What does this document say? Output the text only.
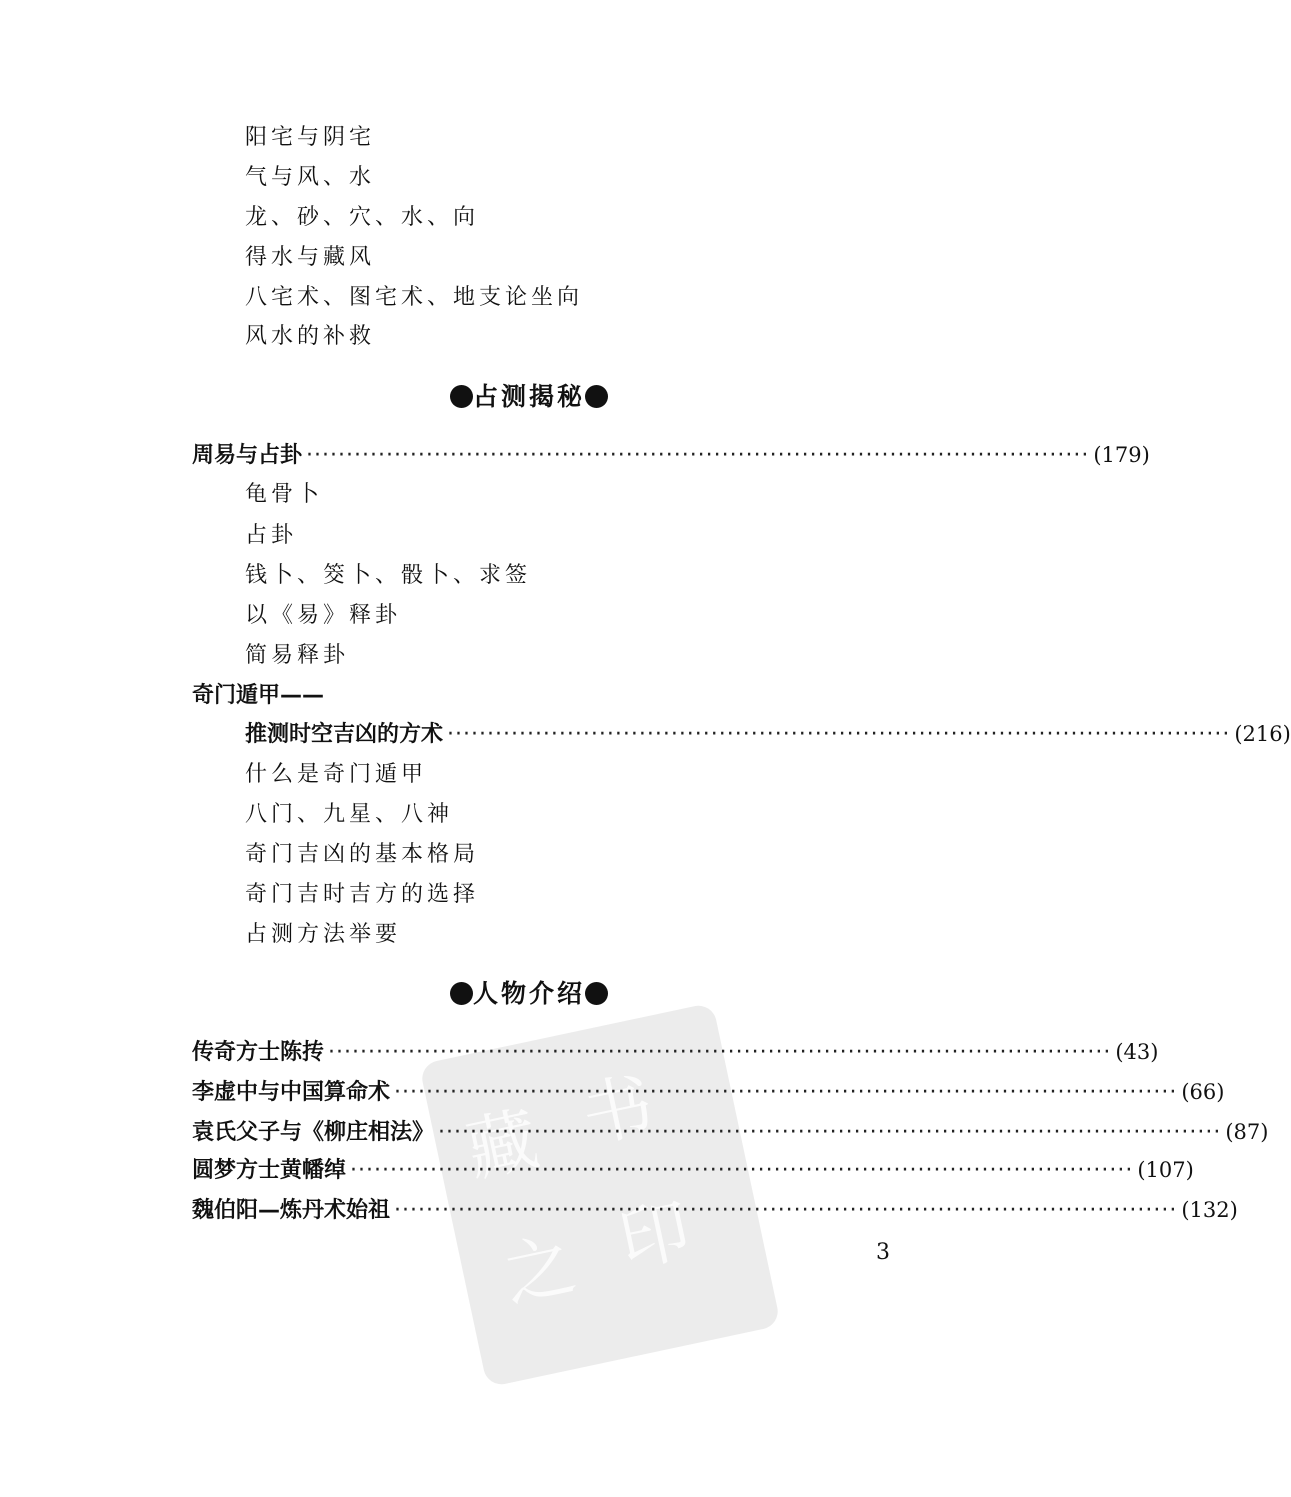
藏 书
之 印
阳宅与阴宅
气与风、水
龙、砂、穴、水、向
得水与藏风
八宅术、图宅术、地支论坐向
风水的补救
占测揭秘
周易与占卦 ·································································································· (179)
龟骨卜
占卦
钱卜、筊卜、骰卜、求签
以《易》释卦
简易释卦
奇门遁甲——
推测时空吉凶的方术 ·································································································· (216)
什么是奇门遁甲
八门、九星、八神
奇门吉凶的基本格局
奇门吉时吉方的选择
占测方法举要
人物介绍
传奇方士陈抟 ·································································································· (43)
李虚中与中国算命术 ·································································································· (66)
袁氏父子与《柳庄相法》 ·································································································· (87)
圆梦方士黄幡绰 ·································································································· (107)
魏伯阳—炼丹术始祖 ·································································································· (132)
3
